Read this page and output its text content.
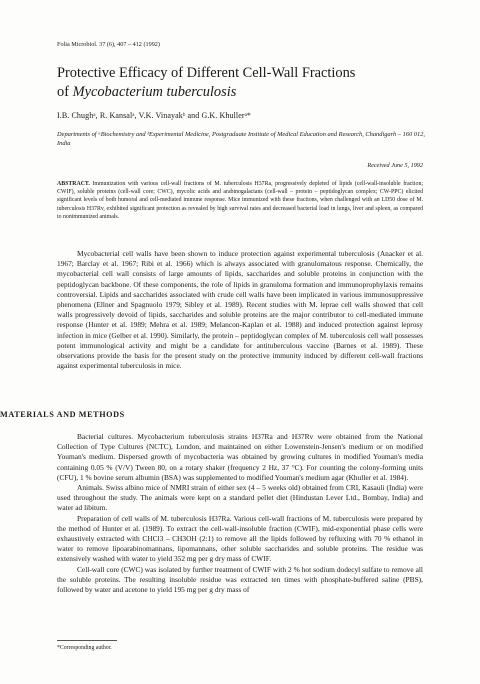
Folia Microbiol. 37 (6), 407 – 412 (1992)
Protective Efficacy of Different Cell-Wall Fractions
of Mycobacterium tuberculosis
I.B. Chughᵃ, R. Kansalᵃ, V.K. Vinayakᵇ and G.K. Khullerᵃ*
Departments of ᵃBiochemistry and ᵇExperimental Medicine, Postgraduate Institute of Medical Education and Research, Chandigarh – 160 012, India
Received June 5, 1992
ABSTRACT. Immunization with various cell-wall fractions of M. tuberculosis H37Ra, progressively depleted of lipids (cell-wall-insoluble fraction; CWIF), soluble proteins (cell-wall core; CWC), mycolic acids and arabinogalactans (cell-wall – protein – peptidoglycan complex; CW-PPC) elicited significant levels of both humoral and cell-mediated immune response. Mice immunized with these fractions, when challenged with an LD50 dose of M. tuberculosis H37Rv, exhibited significant protection as revealed by high survival rates and decreased bacterial load in lungs, liver and spleen, as compared to nonimmunized animals.

Mycobacterial cell walls have been shown to induce protection against experimental tuberculosis (Anacker et al. 1967; Barclay et al. 1967; Ribi et al. 1966) which is always associated with granulomatous response. Chemically, the mycobacterial cell wall consists of large amounts of lipids, saccharides and soluble proteins in conjunction with the peptidoglycan backbone. Of these components, the role of lipids in granuloma formation and immunoprophylaxis remains controversial. Lipids and saccharides associated with crude cell walls have been implicated in various immunosuppressive phenomena (Ellner and Spagnuolo 1979; Sibley et al. 1989). Recent studies with M. leprae cell walls showed that cell walls progressively devoid of lipids, saccharides and soluble proteins are the major contributor to cell-mediated immune response (Hunter et al. 1989; Mehra et al. 1989; Melancon-Kaplan et al. 1988) and induced protection against leprosy infection in mice (Gelber et al. 1990). Similarly, the protein – peptidoglycan complex of M. tuberculosis cell wall possesses potent immunological activity and might be a candidate for antituberculous vaccine (Barnes et al. 1989). These observations provide the basis for the present study on the protective immunity induced by different cell-wall fractions against experimental tuberculosis in mice.

MATERIALS AND METHODS

Bacterial cultures. Mycobacterium tuberculosis strains H37Ra and H37Rv were obtained from the National Collection of Type Cultures (NCTC), London, and maintained on either Lowenstein-Jensen's medium or on modified Youman's medium. Dispersed growth of mycobacteria was obtained by growing cultures in modified Youman's media containing 0.05 % (V/V) Tween 80, on a rotary shaker (frequency 2 Hz, 37 °C). For counting the colony-forming units (CFU), 1 % bovine serum albumin (BSA) was supplemented to modified Youman's medium agar (Khuller et al. 1984).

Animals. Swiss albino mice of NMRI strain of either sex (4 – 5 weeks old) obtained from CRI, Kasauli (India) were used throughout the study. The animals were kept on a standard pellet diet (Hindustan Lever Ltd., Bombay, India) and water ad libitum.

Preparation of cell walls of M. tuberculosis H37Ra. Various cell-wall fractions of M. tuberculosis were prepared by the method of Hunter et al. (1989). To extract the cell-wall-insoluble fraction (CWIF), mid-exponential phase cells were exhaustively extracted with CHCl3 – CH3OH (2:1) to remove all the lipids followed by refluxing with 70 % ethanol in water to remove lipoarabinomannans, lipomannans, other soluble saccharides and soluble proteins. The residue was extensively washed with water to yield 352 mg per g dry mass of CWIF.

Cell-wall core (CWC) was isolated by further treatment of CWIF with 2 % hot sodium dodecyl sulfate to remove all the soluble proteins. The resulting insoluble residue was extracted ten times with phosphate-buffered saline (PBS), followed by water and acetone to yield 195 mg per g dry mass of

*Corresponding author.
